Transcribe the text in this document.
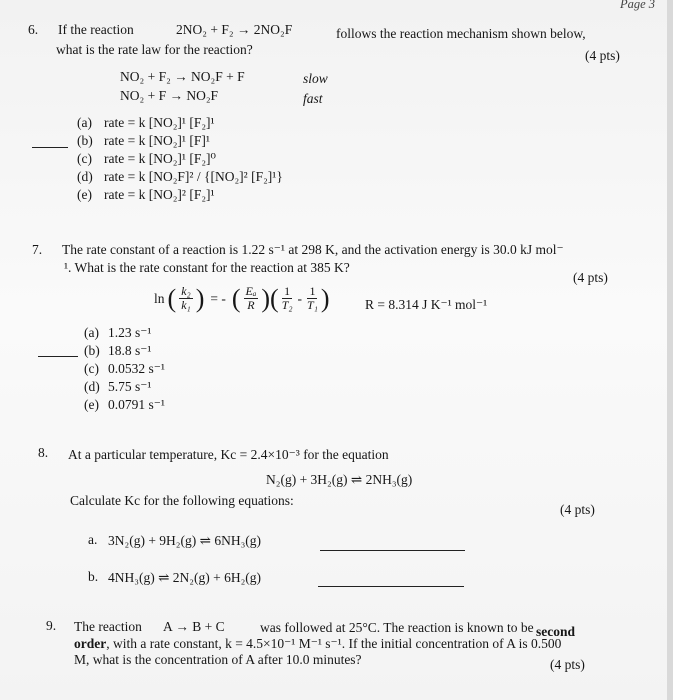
Page 3
6. If the reaction	2NO₂ + F₂ → 2NO₂F	follows the reaction mechanism shown below,
what is the rate law for the reaction?	(4 pts)
NO₂ + F₂ → NO₂F + F	slow
NO₂ + F → NO₂F	fast
(a) rate = k [NO₂]¹ [F₂]¹
(b) rate = k [NO₂]¹ [F]¹
(c) rate = k [NO₂]¹ [F₂]⁰
(d) rate = k [NO₂F]² / {[NO₂]² [F₂]¹}
(e) rate = k [NO₂]² [F₂]¹
7. The rate constant of a reaction is 1.22 s⁻¹ at 298 K, and the activation energy is 30.0 kJ mol⁻
¹. What is the rate constant for the reaction at 385 K?
(4 pts)
ln ( $\frac{\text{k₂}}{\text{k₁}}$ ) = - ( $\frac{\text{Eₐ}}{R}$ )( $\frac{1}{\text{T₂}} - \frac{1}{\text{T₁}}$ )	R = 8.314 J K⁻¹ mol⁻¹
(a) 1.23 s⁻¹
(b) 18.8 s⁻¹
(c) 0.0532 s⁻¹
(d) 5.75 s⁻¹
(e) 0.0791 s⁻¹
8. At a particular temperature, Kc = 2.4×10⁻³ for the equation
N₂(g) + 3H₂(g) ⇌ 2NH₃(g)
Calculate Kc for the following equations:
(4 pts)
a. 3N₂(g) + 9H₂(g) ⇌ 6NH₃(g)
b. 4NH₃(g) ⇌ 2N₂(g) + 6H₂(g)
9. The reaction A → B + C	was followed at 25°C. The reaction is known to be second
order, with a rate constant, k = 4.5×10⁻¹ M⁻¹ s⁻¹. If the initial concentration of A is 0.500
M, what is the concentration of A after 10.0 minutes?	(4 pts)
